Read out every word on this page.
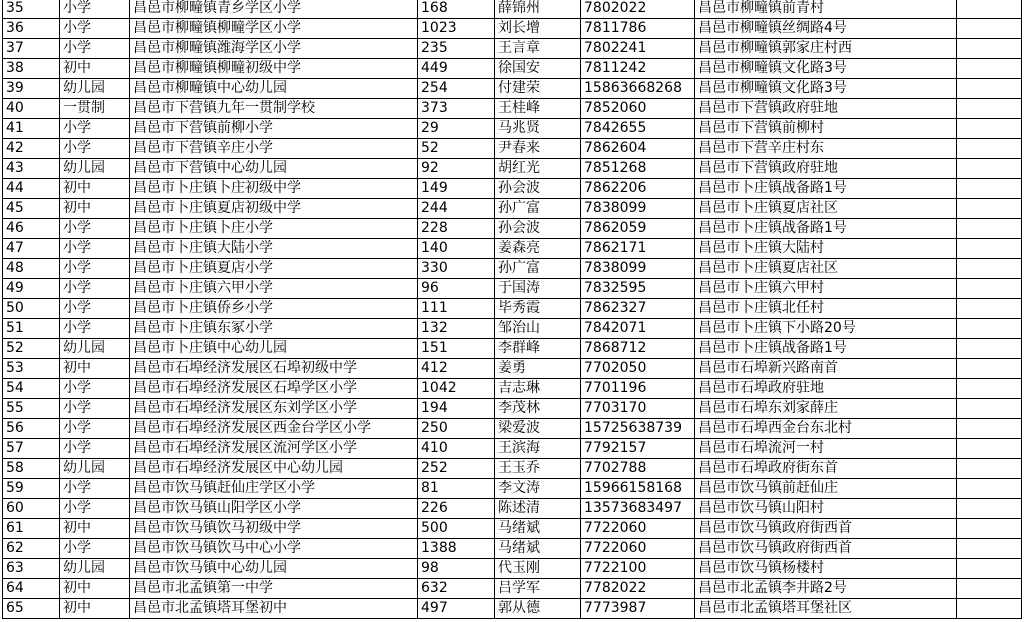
35	小学	昌邑市柳疃镇青乡学区小学	168	薛锦州	7802022	昌邑市柳疃镇前青村	
36	小学	昌邑市柳疃镇柳疃学区小学	1023	刘长增	7811786	昌邑市柳疃镇丝绸路4号	
37	小学	昌邑市柳疃镇潍海学区小学	235	王言章	7802241	昌邑市柳疃镇郭家庄村西	
38	初中	昌邑市柳疃镇柳疃初级中学	449	徐国安	7811242	昌邑市柳疃镇文化路3号	
39	幼儿园	昌邑市柳疃镇中心幼儿园	254	付建荣	15863668268	昌邑市柳疃镇文化路3号	
40	一贯制	昌邑市下营镇九年一贯制学校	373	王桂峰	7852060	昌邑市下营镇政府驻地	
41	小学	昌邑市下营镇前柳小学	29	马兆贤	7842655	昌邑市下营镇前柳村	
42	小学	昌邑市下营镇辛庄小学	52	尹春来	7862604	昌邑市下营辛庄村东	
43	幼儿园	昌邑市下营镇中心幼儿园	92	胡红光	7851268	昌邑市下营镇政府驻地	
44	初中	昌邑市卜庄镇卜庄初级中学	149	孙会波	7862206	昌邑市卜庄镇战备路1号	
45	初中	昌邑市卜庄镇夏店初级中学	244	孙广富	7838099	昌邑市卜庄镇夏店社区	
46	小学	昌邑市卜庄镇卜庄小学	228	孙会波	7862059	昌邑市卜庄镇战备路1号	
47	小学	昌邑市卜庄镇大陆小学	140	姜森亮	7862171	昌邑市卜庄镇大陆村	
48	小学	昌邑市卜庄镇夏店小学	330	孙广富	7838099	昌邑市卜庄镇夏店社区	
49	小学	昌邑市卜庄镇六甲小学	96	于国涛	7832595	昌邑市卜庄镇六甲村	
50	小学	昌邑市卜庄镇侨乡小学	111	毕秀霞	7862327	昌邑市卜庄镇北任村	
51	小学	昌邑市卜庄镇东冢小学	132	邹治山	7842071	昌邑市卜庄镇下小路20号	
52	幼儿园	昌邑市卜庄镇中心幼儿园	151	李群峰	7868712	昌邑市卜庄镇战备路1号	
53	初中	昌邑市石埠经济发展区石埠初级中学	412	姜勇	7702050	昌邑市石埠新兴路南首	
54	小学	昌邑市石埠经济发展区石埠学区小学	1042	吉志琳	7701196	昌邑市石埠政府驻地	
55	小学	昌邑市石埠经济发展区东刘学区小学	194	李茂林	7703170	昌邑市石埠东刘家薛庄	
56	小学	昌邑市石埠经济发展区西金台学区小学	250	梁爱波	15725638739	昌邑市石埠西金台东北村	
57	小学	昌邑市石埠经济发展区流河学区小学	410	王滨海	7792157	昌邑市石埠流河一村	
58	幼儿园	昌邑市石埠经济发展区中心幼儿园	252	王玉乔	7702788	昌邑市石埠政府街东首	
59	小学	昌邑市饮马镇赶仙庄学区小学	81	李文涛	15966158168	昌邑市饮马镇前赶仙庄	
60	小学	昌邑市饮马镇山阳学区小学	226	陈述清	13573683497	昌邑市饮马镇山阳村	
61	初中	昌邑市饮马镇饮马初级中学	500	马绪斌	7722060	昌邑市饮马镇政府街西首	
62	小学	昌邑市饮马镇饮马中心小学	1388	马绪斌	7722060	昌邑市饮马镇政府街西首	
63	幼儿园	昌邑市饮马镇中心幼儿园	98	代玉刚	7722100	昌邑市饮马镇杨楼村	
64	初中	昌邑市北孟镇第一中学	632	吕学军	7782022	昌邑市北孟镇李井路2号	
65	初中	昌邑市北孟镇塔耳堡初中	497	郭从德	7773987	昌邑市北孟镇塔耳堡社区	
